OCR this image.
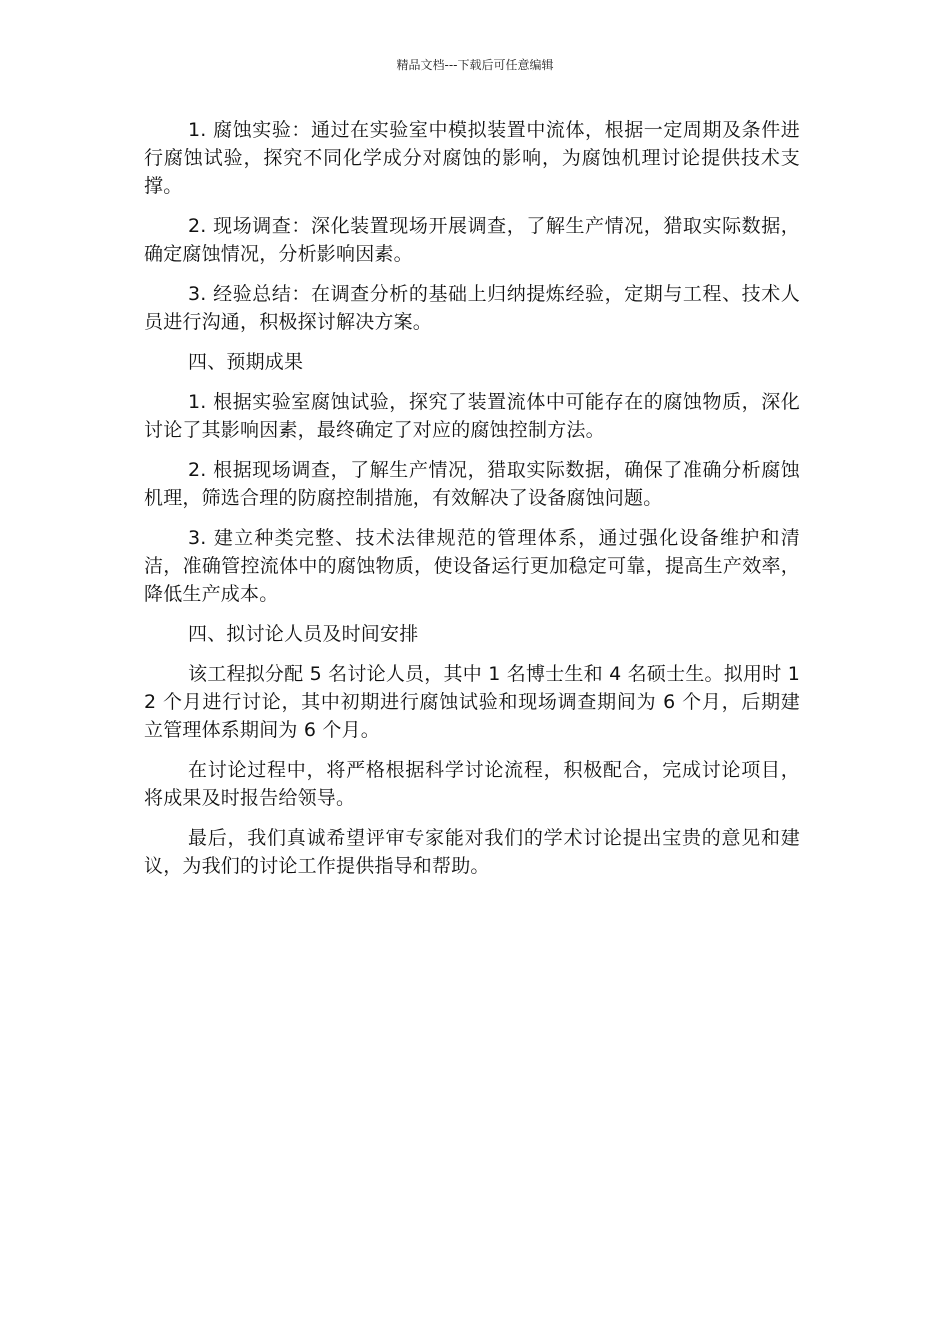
精品文档---下载后可任意编辑

1. 腐蚀实验：通过在实验室中模拟装置中流体，根据一定周期及条件进行腐蚀试验，探究不同化学成分对腐蚀的影响，为腐蚀机理讨论提供技术支撑。

2. 现场调查：深化装置现场开展调查，了解生产情况，猎取实际数据，确定腐蚀情况，分析影响因素。

3. 经验总结：在调查分析的基础上归纳提炼经验，定期与工程、技术人员进行沟通，积极探讨解决方案。

四、预期成果

1. 根据实验室腐蚀试验，探究了装置流体中可能存在的腐蚀物质，深化讨论了其影响因素，最终确定了对应的腐蚀控制方法。

2. 根据现场调查，了解生产情况，猎取实际数据，确保了准确分析腐蚀机理，筛选合理的防腐控制措施，有效解决了设备腐蚀问题。

3. 建立种类完整、技术法律规范的管理体系，通过强化设备维护和清洁，准确管控流体中的腐蚀物质，使设备运行更加稳定可靠，提高生产效率，降低生产成本。

四、拟讨论人员及时间安排

该工程拟分配 5 名讨论人员，其中 1 名博士生和 4 名硕士生。拟用时 12 个月进行讨论，其中初期进行腐蚀试验和现场调查期间为 6 个月，后期建立管理体系期间为 6 个月。

在讨论过程中，将严格根据科学讨论流程，积极配合，完成讨论项目，将成果及时报告给领导。

最后，我们真诚希望评审专家能对我们的学术讨论提出宝贵的意见和建议，为我们的讨论工作提供指导和帮助。
